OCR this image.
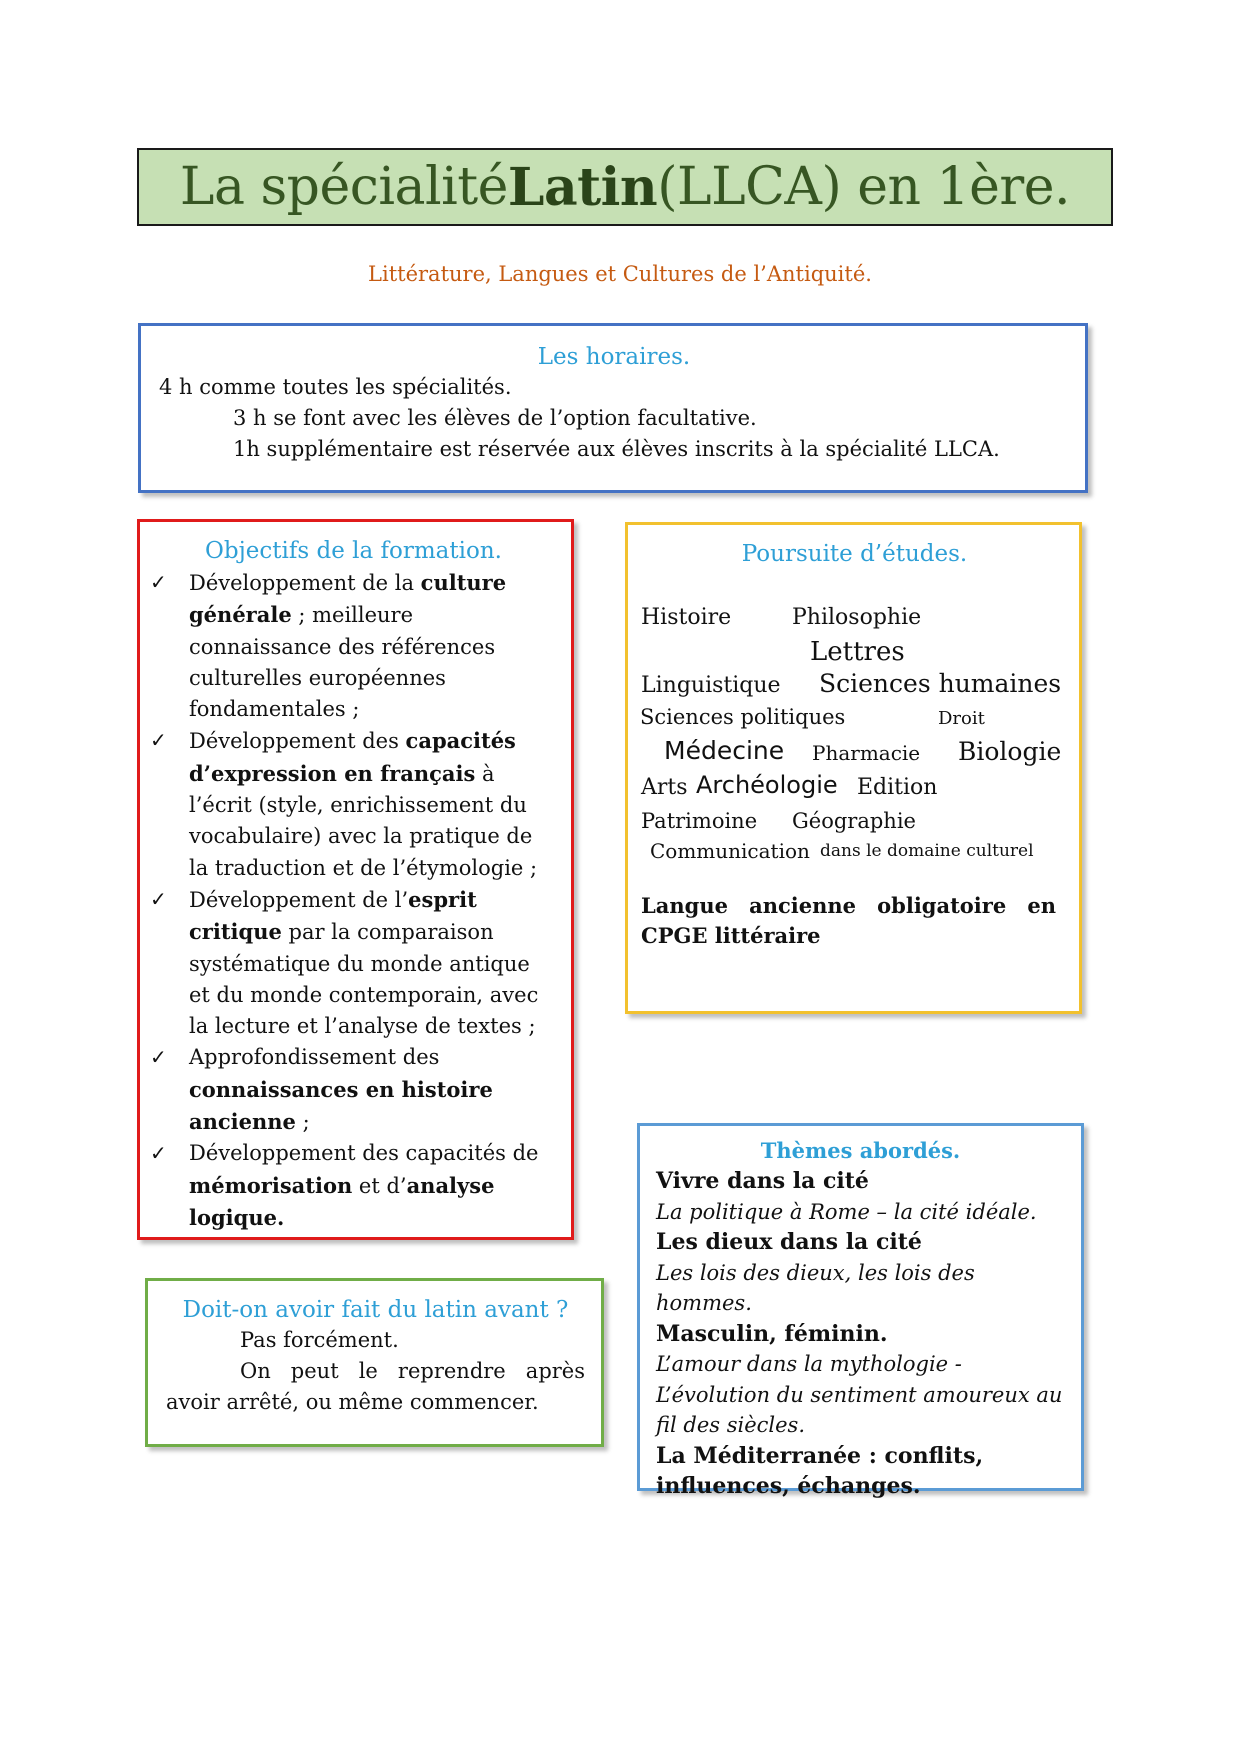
La spécialité Latin (LLCA) en 1ère.
Littérature, Langues et Cultures de l’Antiquité.
Les horaires.
4 h comme toutes les spécialités.
3 h se font avec les élèves de l’option facultative.
1h supplémentaire est réservée aux élèves inscrits à la spécialité LLCA.
Objectifs de la formation.
✓ Développement de la culture générale ; meilleure connaissance des références culturelles européennes fondamentales ;
✓ Développement des capacités d’expression en français à l’écrit (style, enrichissement du vocabulaire) avec la pratique de la traduction et de l’étymologie ;
✓ Développement de l’esprit critique par la comparaison systématique du monde antique et du monde contemporain, avec la lecture et l’analyse de textes ;
✓ Approfondissement des connaissances en histoire ancienne ;
✓ Développement des capacités de mémorisation et d’analyse logique.
Poursuite d’études.
Histoire	Philosophie
Lettres
Linguistique Sciences humaines
Sciences politiques	Droit
Médecine Pharmacie Biologie
Arts Archéologie Edition
Patrimoine Géographie
Communication dans le domaine culturel
Langue ancienne obligatoire en CPGE littéraire
Doit-on avoir fait du latin avant ?
Pas forcément.
On peut le reprendre après avoir arrêté, ou même commencer.
Thèmes abordés.
Vivre dans la cité
La politique à Rome – la cité idéale.
Les dieux dans la cité
Les lois des dieux, les lois des hommes.
Masculin, féminin.
L’amour dans la mythologie - L’évolution du sentiment amoureux au fil des siècles.
La Méditerranée : conflits, influences, échanges.
